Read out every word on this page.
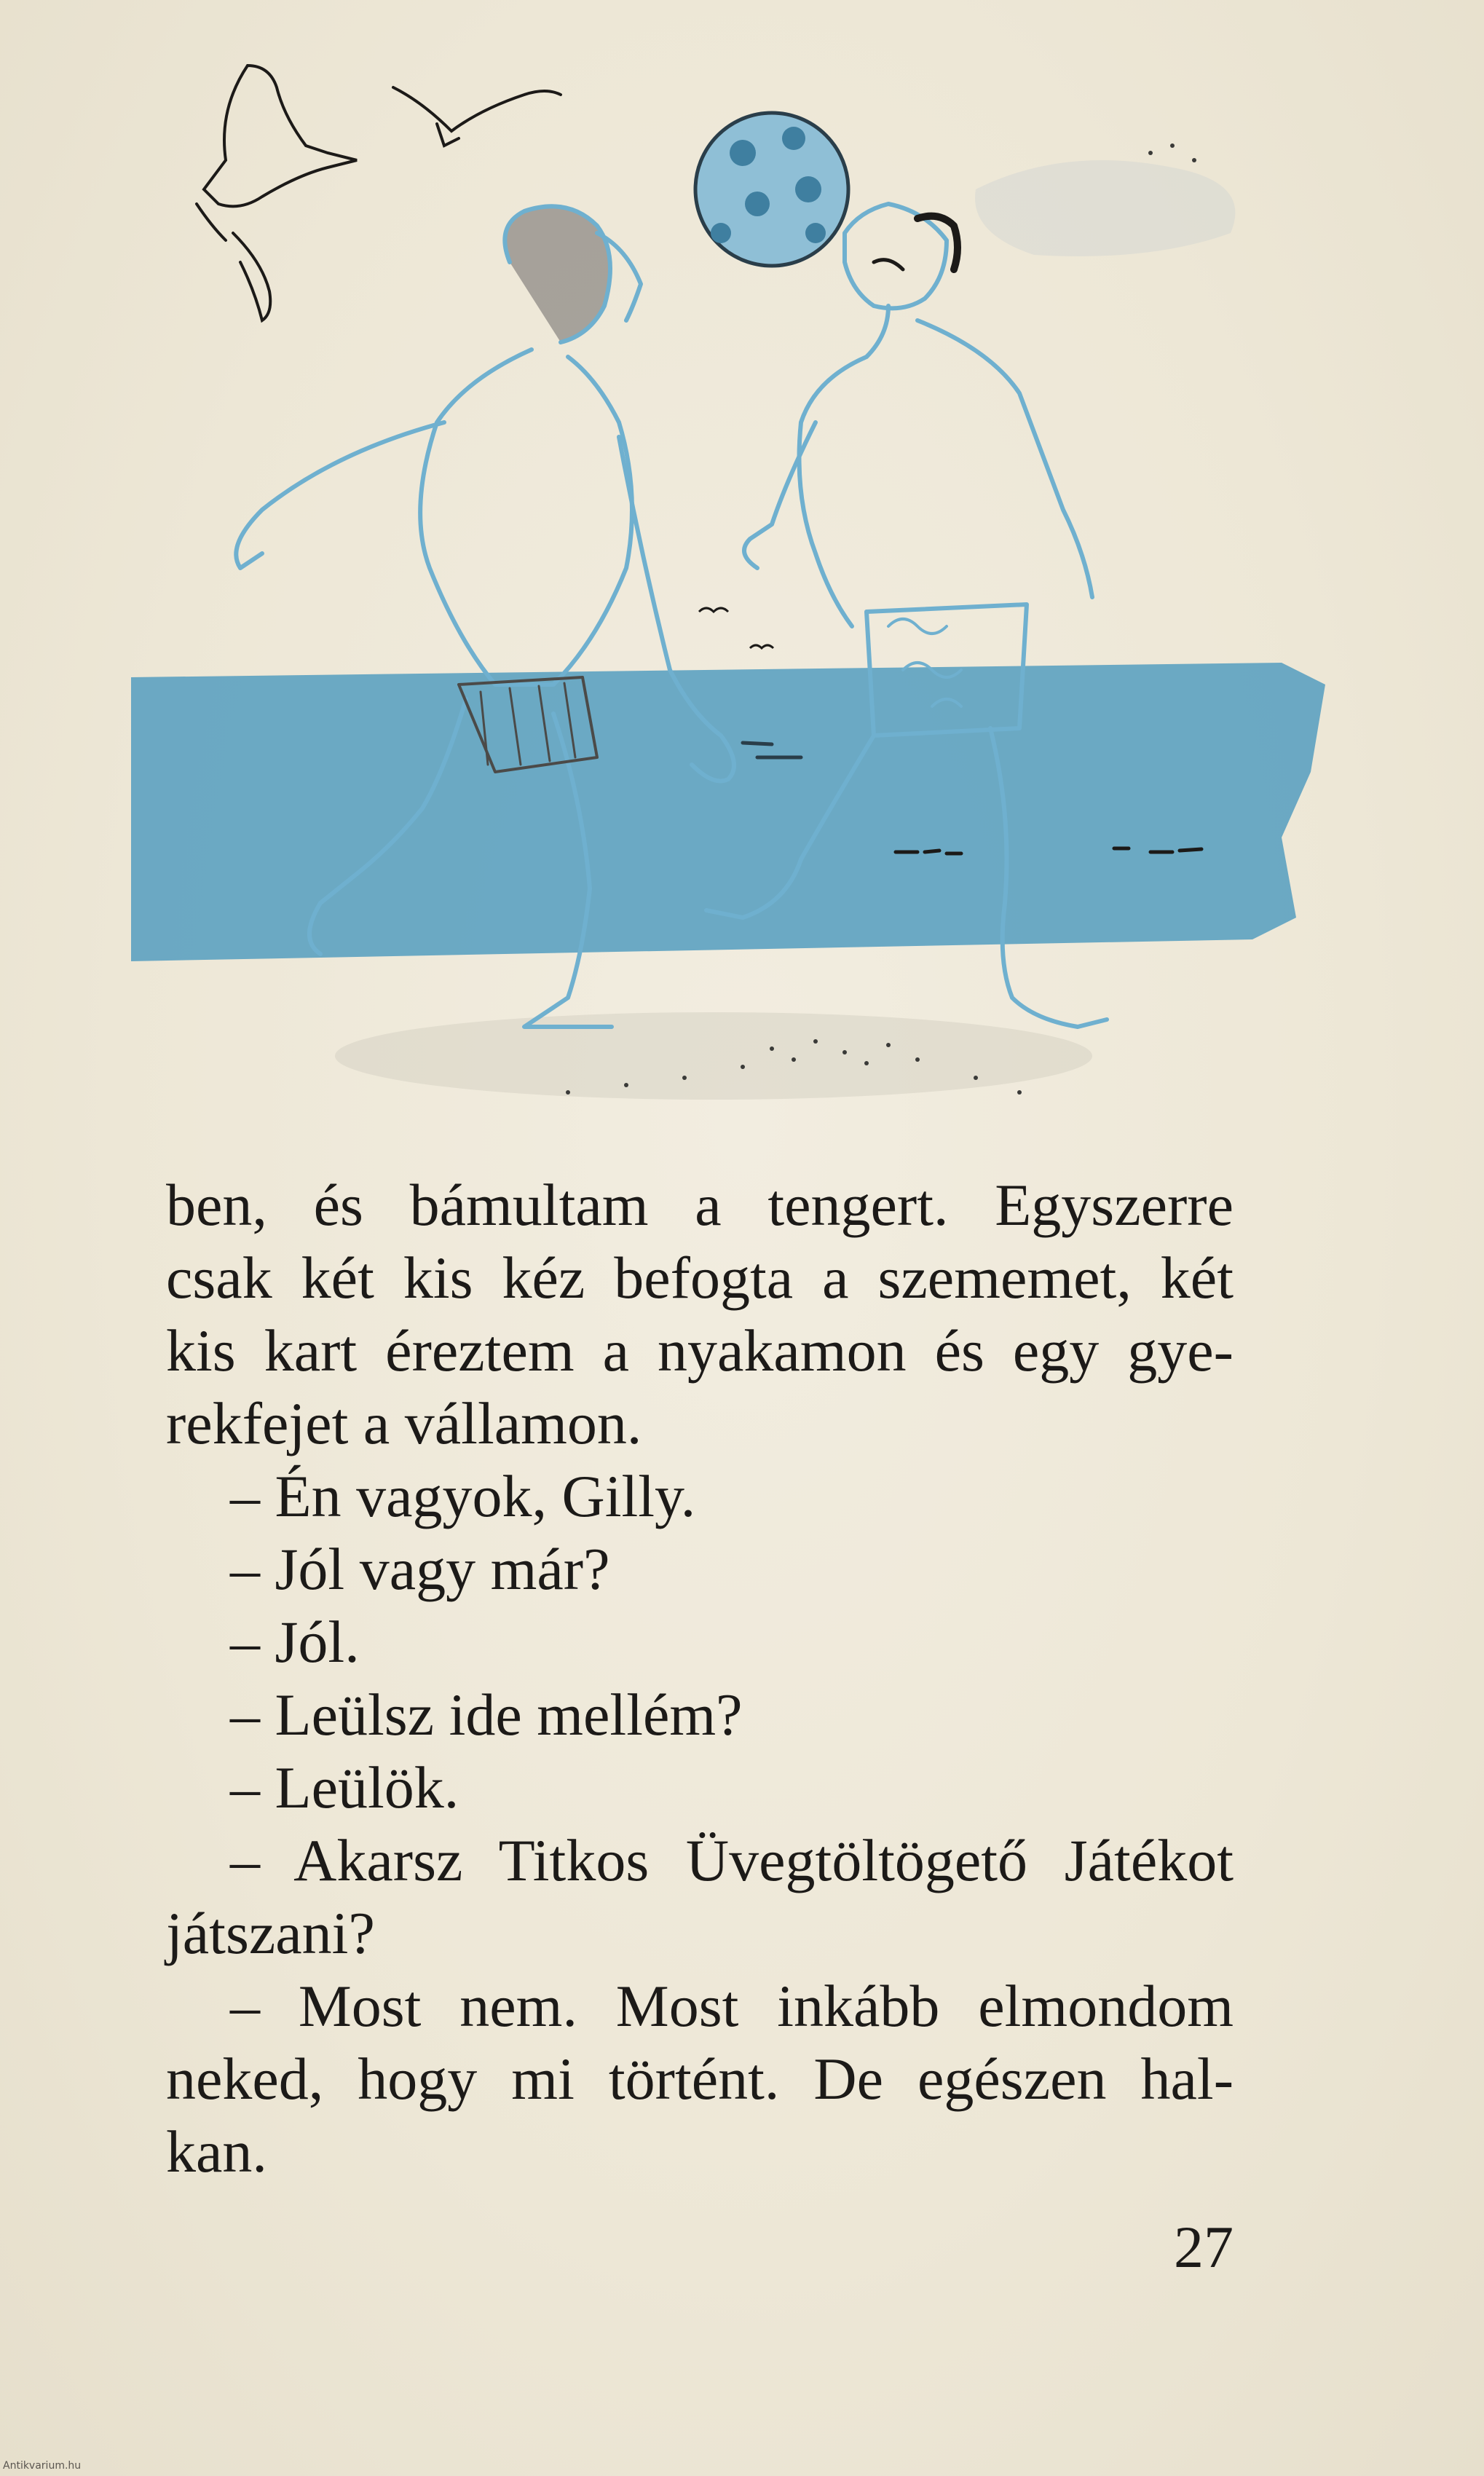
ben, és bámultam a tengert. Egyszerre
csak két kis kéz befogta a szememet, két
kis kart éreztem a nyakamon és egy gye-
rekfejet a vállamon.
– Én vagyok, Gilly.
– Jól vagy már?
– Jól.
– Leülsz ide mellém?
– Leülök.
– Akarsz Titkos Üvegtöltögető Játékot
játszani?
– Most nem. Most inkább elmondom
neked, hogy mi történt. De egészen hal-
kan.
27
Antikvarium.hu
